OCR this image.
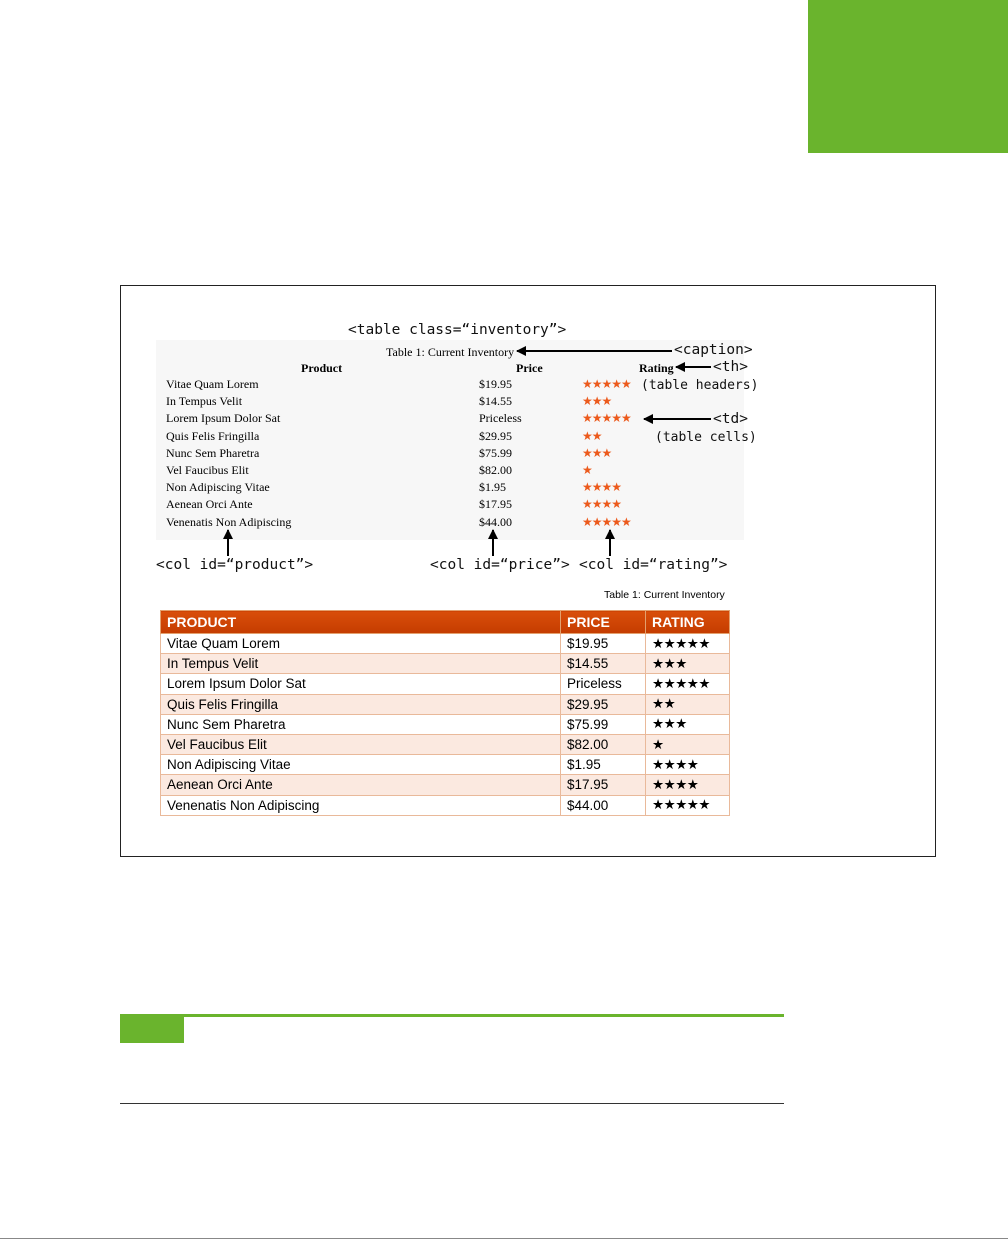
<table class=“inventory”>
Table 1: Current Inventory
Product	Price	Rating
Vitae Quam Lorem	$19.95	★★★★★
In Tempus Velit	$14.55	★★★
Lorem Ipsum Dolor Sat	Priceless	★★★★★
Quis Felis Fringilla	$29.95	★★
Nunc Sem Pharetra	$75.99	★★★
Vel Faucibus Elit	$82.00	★
Non Adipiscing Vitae	$1.95	★★★★
Aenean Orci Ante	$17.95	★★★★
Venenatis Non Adipiscing	$44.00	★★★★★
<caption>
<th>
(table headers)
<td>
(table cells)
<col id=“product”>	<col id=“price”> <col id=“rating”>
Table 1: Current Inventory
PRODUCT	PRICE	RATING
Vitae Quam Lorem	$19.95	★★★★★
In Tempus Velit	$14.55	★★★
Lorem Ipsum Dolor Sat	Priceless	★★★★★
Quis Felis Fringilla	$29.95	★★
Nunc Sem Pharetra	$75.99	★★★
Vel Faucibus Elit	$82.00	★
Non Adipiscing Vitae	$1.95	★★★★
Aenean Orci Ante	$17.95	★★★★
Venenatis Non Adipiscing	$44.00	★★★★★
